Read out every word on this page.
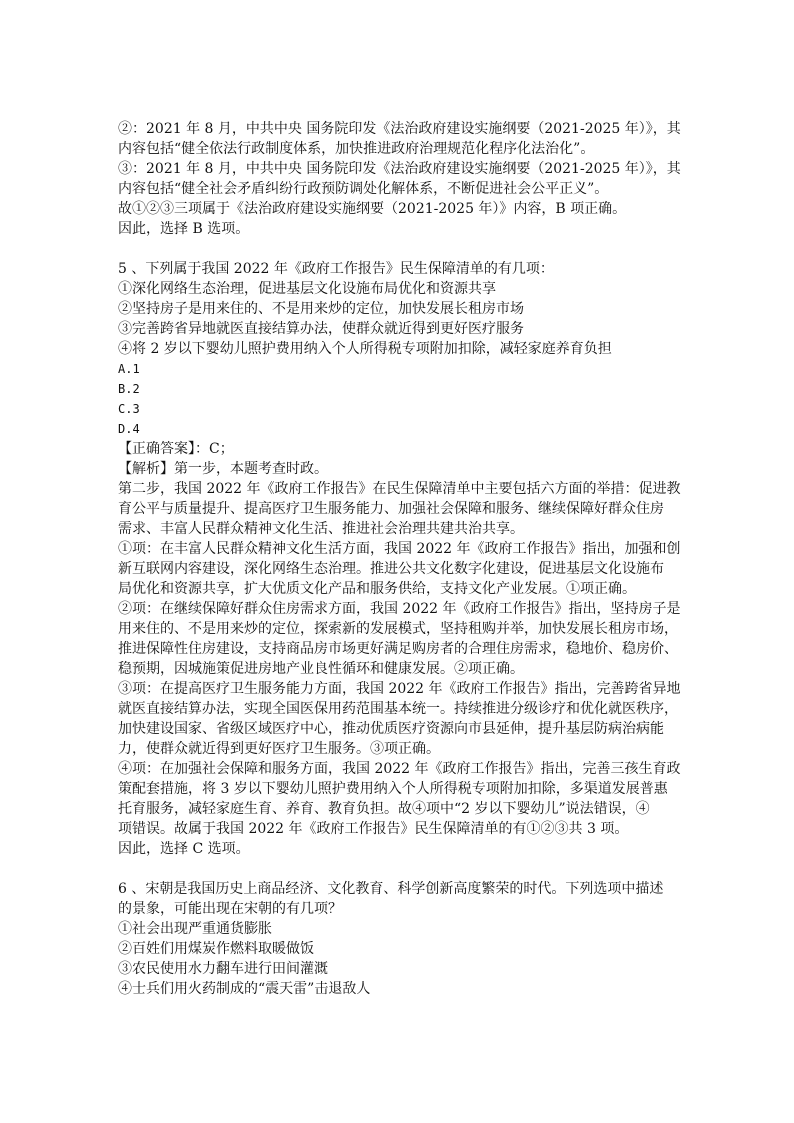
②：2021 年 8 月，中共中央 国务院印发《法治政府建设实施纲要（2021-2025 年）》，其
内容包括“健全依法行政制度体系，加快推进政府治理规范化程序化法治化”。
③：2021 年 8 月，中共中央 国务院印发《法治政府建设实施纲要（2021-2025 年）》，其
内容包括“健全社会矛盾纠纷行政预防调处化解体系，不断促进社会公平正义”。
故①②③三项属于《法治政府建设实施纲要（2021-2025 年）》内容，B 项正确。
因此，选择 B 选项。
5 、下列属于我国 2022 年《政府工作报告》民生保障清单的有几项：
①深化网络生态治理，促进基层文化设施布局优化和资源共享
②坚持房子是用来住的、不是用来炒的定位，加快发展长租房市场
③完善跨省异地就医直接结算办法，使群众就近得到更好医疗服务
④将 2 岁以下婴幼儿照护费用纳入个人所得税专项附加扣除，减轻家庭养育负担
A.1
B.2
C.3
D.4
【正确答案】：C；
【解析】第一步，本题考查时政。
第二步，我国 2022 年《政府工作报告》在民生保障清单中主要包括六方面的举措：促进教
育公平与质量提升、提高医疗卫生服务能力、加强社会保障和服务、继续保障好群众住房
需求、丰富人民群众精神文化生活、推进社会治理共建共治共享。
①项：在丰富人民群众精神文化生活方面，我国 2022 年《政府工作报告》指出，加强和创
新互联网内容建设，深化网络生态治理。推进公共文化数字化建设，促进基层文化设施布
局优化和资源共享，扩大优质文化产品和服务供给，支持文化产业发展。①项正确。
②项：在继续保障好群众住房需求方面，我国 2022 年《政府工作报告》指出，坚持房子是
用来住的、不是用来炒的定位，探索新的发展模式，坚持租购并举，加快发展长租房市场，
推进保障性住房建设，支持商品房市场更好满足购房者的合理住房需求，稳地价、稳房价、
稳预期，因城施策促进房地产业良性循环和健康发展。②项正确。
③项：在提高医疗卫生服务能力方面，我国 2022 年《政府工作报告》指出，完善跨省异地
就医直接结算办法，实现全国医保用药范围基本统一。持续推进分级诊疗和优化就医秩序，
加快建设国家、省级区域医疗中心，推动优质医疗资源向市县延伸，提升基层防病治病能
力，使群众就近得到更好医疗卫生服务。③项正确。
④项：在加强社会保障和服务方面，我国 2022 年《政府工作报告》指出，完善三孩生育政
策配套措施，将 3 岁以下婴幼儿照护费用纳入个人所得税专项附加扣除，多渠道发展普惠
托育服务，减轻家庭生育、养育、教育负担。故④项中“2 岁以下婴幼儿”说法错误，④
项错误。故属于我国 2022 年《政府工作报告》民生保障清单的有①②③共 3 项。
因此，选择 C 选项。
6 、宋朝是我国历史上商品经济、文化教育、科学创新高度繁荣的时代。下列选项中描述
的景象，可能出现在宋朝的有几项？
①社会出现严重通货膨胀
②百姓们用煤炭作燃料取暖做饭
③农民使用水力翻车进行田间灌溉
④士兵们用火药制成的“震天雷”击退敌人
